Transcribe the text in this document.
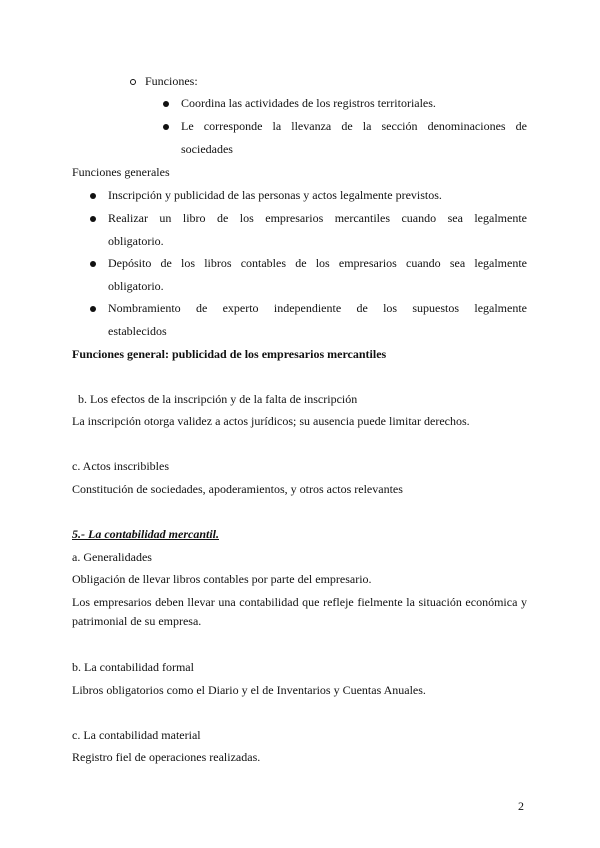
Funciones:
Coordina las actividades de los registros territoriales.
Le corresponde la llevanza de la sección denominaciones de
sociedades
Funciones generales
Inscripción y publicidad de las personas y actos legalmente previstos.
Realizar un libro de los empresarios mercantiles cuando sea legalmente
obligatorio.
Depósito de los libros contables de los empresarios cuando sea legalmente
obligatorio.
Nombramiento de experto independiente de los supuestos legalmente
establecidos
Funciones general: publicidad de los empresarios mercantiles
b. Los efectos de la inscripción y de la falta de inscripción
La inscripción otorga validez a actos jurídicos; su ausencia puede limitar derechos.
c. Actos inscribibles
Constitución de sociedades, apoderamientos, y otros actos relevantes
5.- La contabilidad mercantil.
a. Generalidades
Obligación de llevar libros contables por parte del empresario.
Los empresarios deben llevar una contabilidad que refleje fielmente la situación económica y
patrimonial de su empresa.
b. La contabilidad formal
Libros obligatorios como el Diario y el de Inventarios y Cuentas Anuales.
c. La contabilidad material
Registro fiel de operaciones realizadas.
2
